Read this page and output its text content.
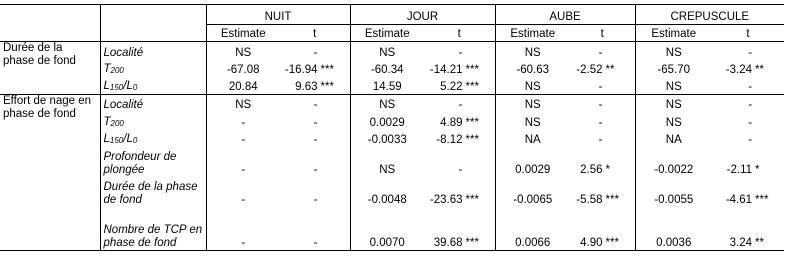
		NUIT		JOUR		AUBE		CREPUSCULE	
		Estimate	t	Estimate	t	Estimate	t	Estimate	t
Durée de la phase de fond	Localité	NS	-	NS	-	NS	-	NS	-
	T200	-67.08	-16.94 ***	-60.34	-14.21 ***	-60.63	-2.52 **	-65.70	-3.24 **
	L150/L0	20.84	9.63 ***	14.59	5.22 ***	NS	-	NS	-
Effort de nage en phase de fond	Localité	NS	-	NS	-	NS	-	NS	-
	T200	-	-	0.0029	4.89 ***	NS	-	NS	-
	L150/L0	-	-	-0.0033	-8.12 ***	NA	-	NA	-
	Profondeur de plongée	-	-	NS	-	0.0029	2.56 *	-0.0022	-2.11 *
	Durée de la phase de fond	-	-	-0.0048	-23.63 ***	-0.0065	-5.58 ***	-0.0055	-4.61 ***
	Nombre de TCP en phase de fond	-	-	0.0070	39.68 ***	0.0066	4.90 ***	0.0036	3.24 **
